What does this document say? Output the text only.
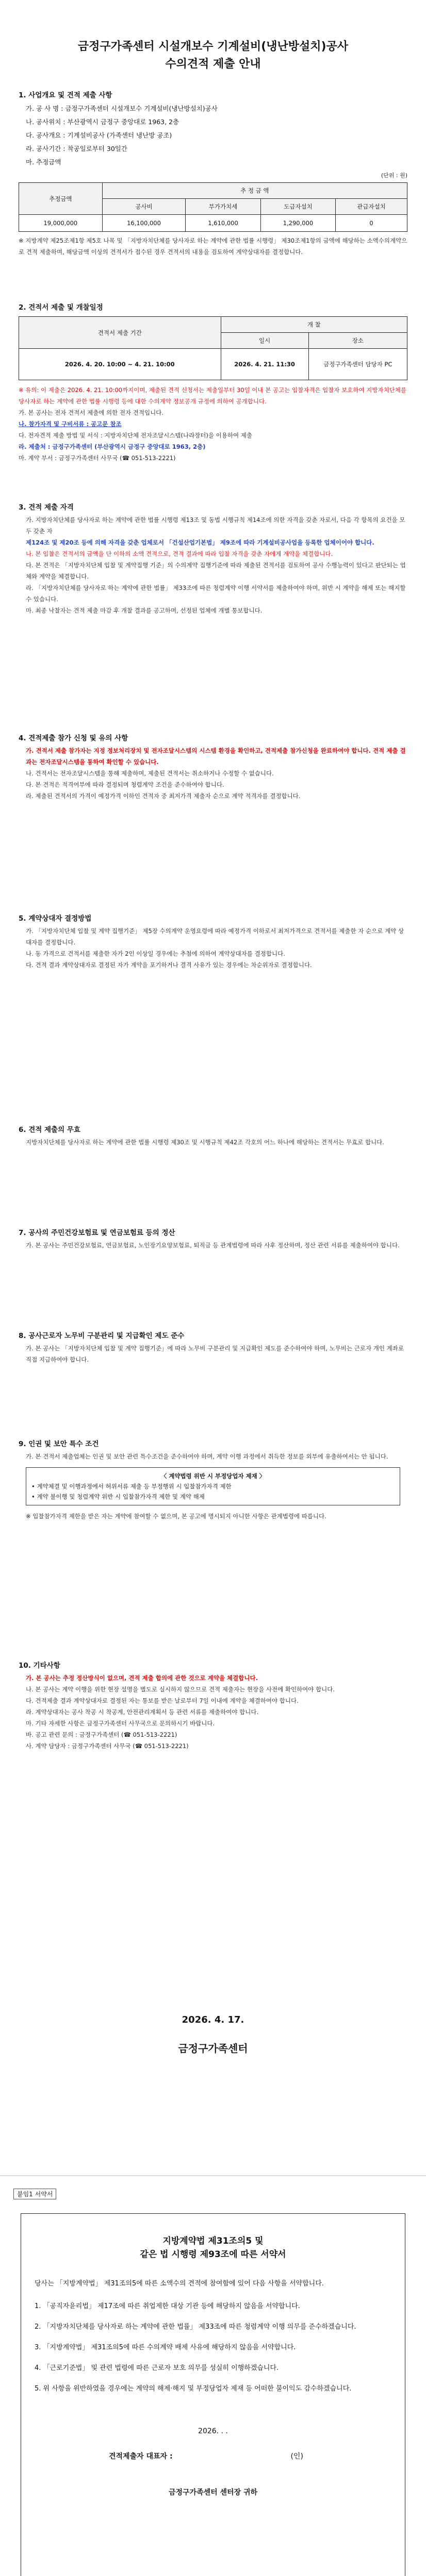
금정구가족센터 시설개보수 기계설비(냉난방설치)공사
수의견적 제출 안내
1. 사업개요 및 견적 제출 사항
가. 공 사 명 : 금정구가족센터 시설개보수 기계설비(냉난방설치)공사
나. 공사위치 : 부산광역시 금정구 중앙대로 1963, 2층
다. 공사개요 : 기계설비공사 (가족센터 냉난방 공조)
라. 공사기간 : 착공일로부터 30일간
마. 추정금액
(단위 : 원)
추정금액	추 정 금 액			
	공사비	부가가치세	도급자설치	관급자설치
19,000,000	16,100,000	1,610,000	1,290,000	0
※ 지방계약 제25조제1항 제5호 나목 및 「지방자치단체를 당사자로 하는 계약에 관한 법률 시행령」 제30조제1항의 금액에 해당하는 소액수의계약으로 견적 제출하며, 해당금액 이상의 견적서가 접수된 경우 견적서의 내용을 검토하여 계약상대자를 결정합니다.
2. 견적서 제출 및 개찰일정
견적서 제출 기간	개 찰	
	일시	장소
2026. 4. 20. 10:00 ~ 4. 21. 10:00	2026. 4. 21. 11:30	금정구가족센터 담당자 PC
※ 유의: 이 제출은 2026. 4. 21. 10:00까지이며, 제출된 견적 신청서는 제출일부터 30일 이내 본 공고는 입찰자격은 입찰자 보호하여 지방자치단체를 당사자로 하는 계약에 관한 법률 시행령 등에 대한 수의계약 정보공개 규정에 의하여 공개합니다.
가. 본 공사는 전자 견적서 제출에 의한 전자 견적입니다.
나. 참가자격 및 구비서류 : 공고문 참조
다. 전자견적 제출 방법 및 서식 : 지방자치단체 전자조달시스템(나라장터)을 이용하여 제출
라. 제출처 : 금정구가족센터 (부산광역시 금정구 중앙대로 1963, 2층)
마. 계약 부서 : 금정구가족센터 사무국 (☎ 051-513-2221)
3. 견적 제출 자격
가. 지방자치단체를 당사자로 하는 계약에 관한 법률 시행령 제13조 및 동법 시행규칙 제14조에 의한 자격을 갖춘 자로서, 다음 각 항목의 요건을 모두 갖춘 자
제124조 및 제20조 등에 의해 자격을 갖춘 업체로서 「건설산업기본법」 제9조에 따라 기계설비공사업을 등록한 업체이어야 합니다.
나. 본 입찰은 견적서의 금액을 단 이하의 소액 견적으로, 견적 결과에 따라 입찰 자격을 갖춘 자에게 계약을 체결합니다.
다. 본 견적은 「지방자치단체 입찰 및 계약집행 기준」의 수의계약 집행기준에 따라 제출된 견적서를 검토하여 공사 수행능력이 있다고 판단되는 업체와 계약을 체결합니다.
라. 「지방자치단체를 당사자로 하는 계약에 관한 법률」 제33조에 따른 청렴계약 이행 서약서를 제출하여야 하며, 위반 시 계약을 해제 또는 해지할 수 있습니다.
마. 최종 낙찰자는 견적 제출 마감 후 개찰 결과를 공고하며, 선정된 업체에 개별 통보합니다.
4. 견적제출 참가 신청 및 유의 사항
가. 견적서 제출 참가자는 지정 정보처리장치 및 전자조달시스템의 시스템 환경을 확인하고, 견적제출 참가신청을 완료하여야 합니다. 견적 제출 결과는 전자조달시스템을 통하여 확인할 수 있습니다.
나. 견적서는 전자조달시스템을 통해 제출하며, 제출된 견적서는 취소하거나 수정할 수 없습니다.
다. 본 견적은 적격여부에 따라 결정되며 청렴계약 조건을 준수하여야 합니다.
라. 제출된 견적서의 가격이 예정가격 이하인 견적자 중 최저가격 제출자 순으로 계약 적격자를 결정합니다.
5. 계약상대자 결정방법
가. 「지방자치단체 입찰 및 계약 집행기준」 제5장 수의계약 운영요령에 따라 예정가격 이하로서 최저가격으로 견적서를 제출한 자 순으로 계약 상대자를 결정합니다.
나. 동 가격으로 견적서를 제출한 자가 2인 이상일 경우에는 추첨에 의하여 계약상대자를 결정합니다.
다. 견적 결과 계약상대자로 결정된 자가 계약을 포기하거나 결격 사유가 있는 경우에는 차순위자로 결정합니다.
6. 견적 제출의 무효
지방자치단체를 당사자로 하는 계약에 관한 법률 시행령 제30조 및 시행규칙 제42조 각호의 어느 하나에 해당하는 견적서는 무효로 합니다.
7. 공사의 주민건강보험료 및 연금보험료 등의 정산
가. 본 공사는 주민건강보험료, 연금보험료, 노인장기요양보험료, 퇴직금 등 관계법령에 따라 사후 정산하며, 정산 관련 서류를 제출하여야 합니다.
8. 공사근로자 노무비 구분관리 및 지급확인 제도 준수
가. 본 공사는 「지방자치단체 입찰 및 계약 집행기준」에 따라 노무비 구분관리 및 지급확인 제도를 준수하여야 하며, 노무비는 근로자 개인 계좌로 직접 지급하여야 합니다.
9. 인권 및 보안 특수 조건
가. 본 견적서 제출업체는 인권 및 보안 관련 특수조건을 준수하여야 하며, 계약 이행 과정에서 취득한 정보를 외부에 유출하여서는 안 됩니다.
〈 계약법령 위반 시 부정당업자 제재 〉
• 계약체결 및 이행과정에서 허위서류 제출 등 부정행위 시 입찰참가자격 제한
• 계약 불이행 및 청렴계약 위반 시 입찰참가자격 제한 및 계약 해제
※ 입찰참가자격 제한을 받은 자는 계약에 참여할 수 없으며, 본 공고에 명시되지 아니한 사항은 관계법령에 따릅니다.
10. 기타사항
가. 본 공사는 추정 정산방식이 없으며, 견적 제출 합의에 관한 것으로 계약을 체결합니다.
나. 본 공사는 계약 이행을 위한 현장 설명을 별도로 실시하지 않으므로 견적 제출자는 현장을 사전에 확인하여야 합니다.
다. 견적제출 결과 계약상대자로 결정된 자는 통보를 받은 날로부터 7일 이내에 계약을 체결하여야 합니다.
라. 계약상대자는 공사 착공 시 착공계, 안전관리계획서 등 관련 서류를 제출하여야 합니다.
마. 기타 자세한 사항은 금정구가족센터 사무국으로 문의하시기 바랍니다.
바. 공고 관련 문의 : 금정구가족센터 (☎ 051-513-2221)
사. 계약 담당자 : 금정구가족센터 사무국 (☎ 051-513-2221)
2026. 4. 17.
금정구가족센터
붙임1 서약서
지방계약법 제31조의5 및
같은 법 시행령 제93조에 따른 서약서
당사는 「지방계약법」 제31조의5에 따른 소액수의 견적에 참여함에 있어 다음 사항을 서약합니다.
1. 「공직자윤리법」 제17조에 따른 취업제한 대상 기관 등에 해당하지 않음을 서약합니다.
2. 「지방자치단체를 당사자로 하는 계약에 관한 법률」 제33조에 따른 청렴계약 이행 의무를 준수하겠습니다.
3. 「지방계약법」 제31조의5에 따른 수의계약 배제 사유에 해당하지 않음을 서약합니다.
4. 「근로기준법」 및 관련 법령에 따른 근로자 보호 의무를 성실히 이행하겠습니다.
5. 위 사항을 위반하였을 경우에는 계약의 해제·해지 및 부정당업자 제재 등 어떠한 불이익도 감수하겠습니다.
2026. . .
견적제출자 대표자 :	(인)
금정구가족센터 센터장 귀하
